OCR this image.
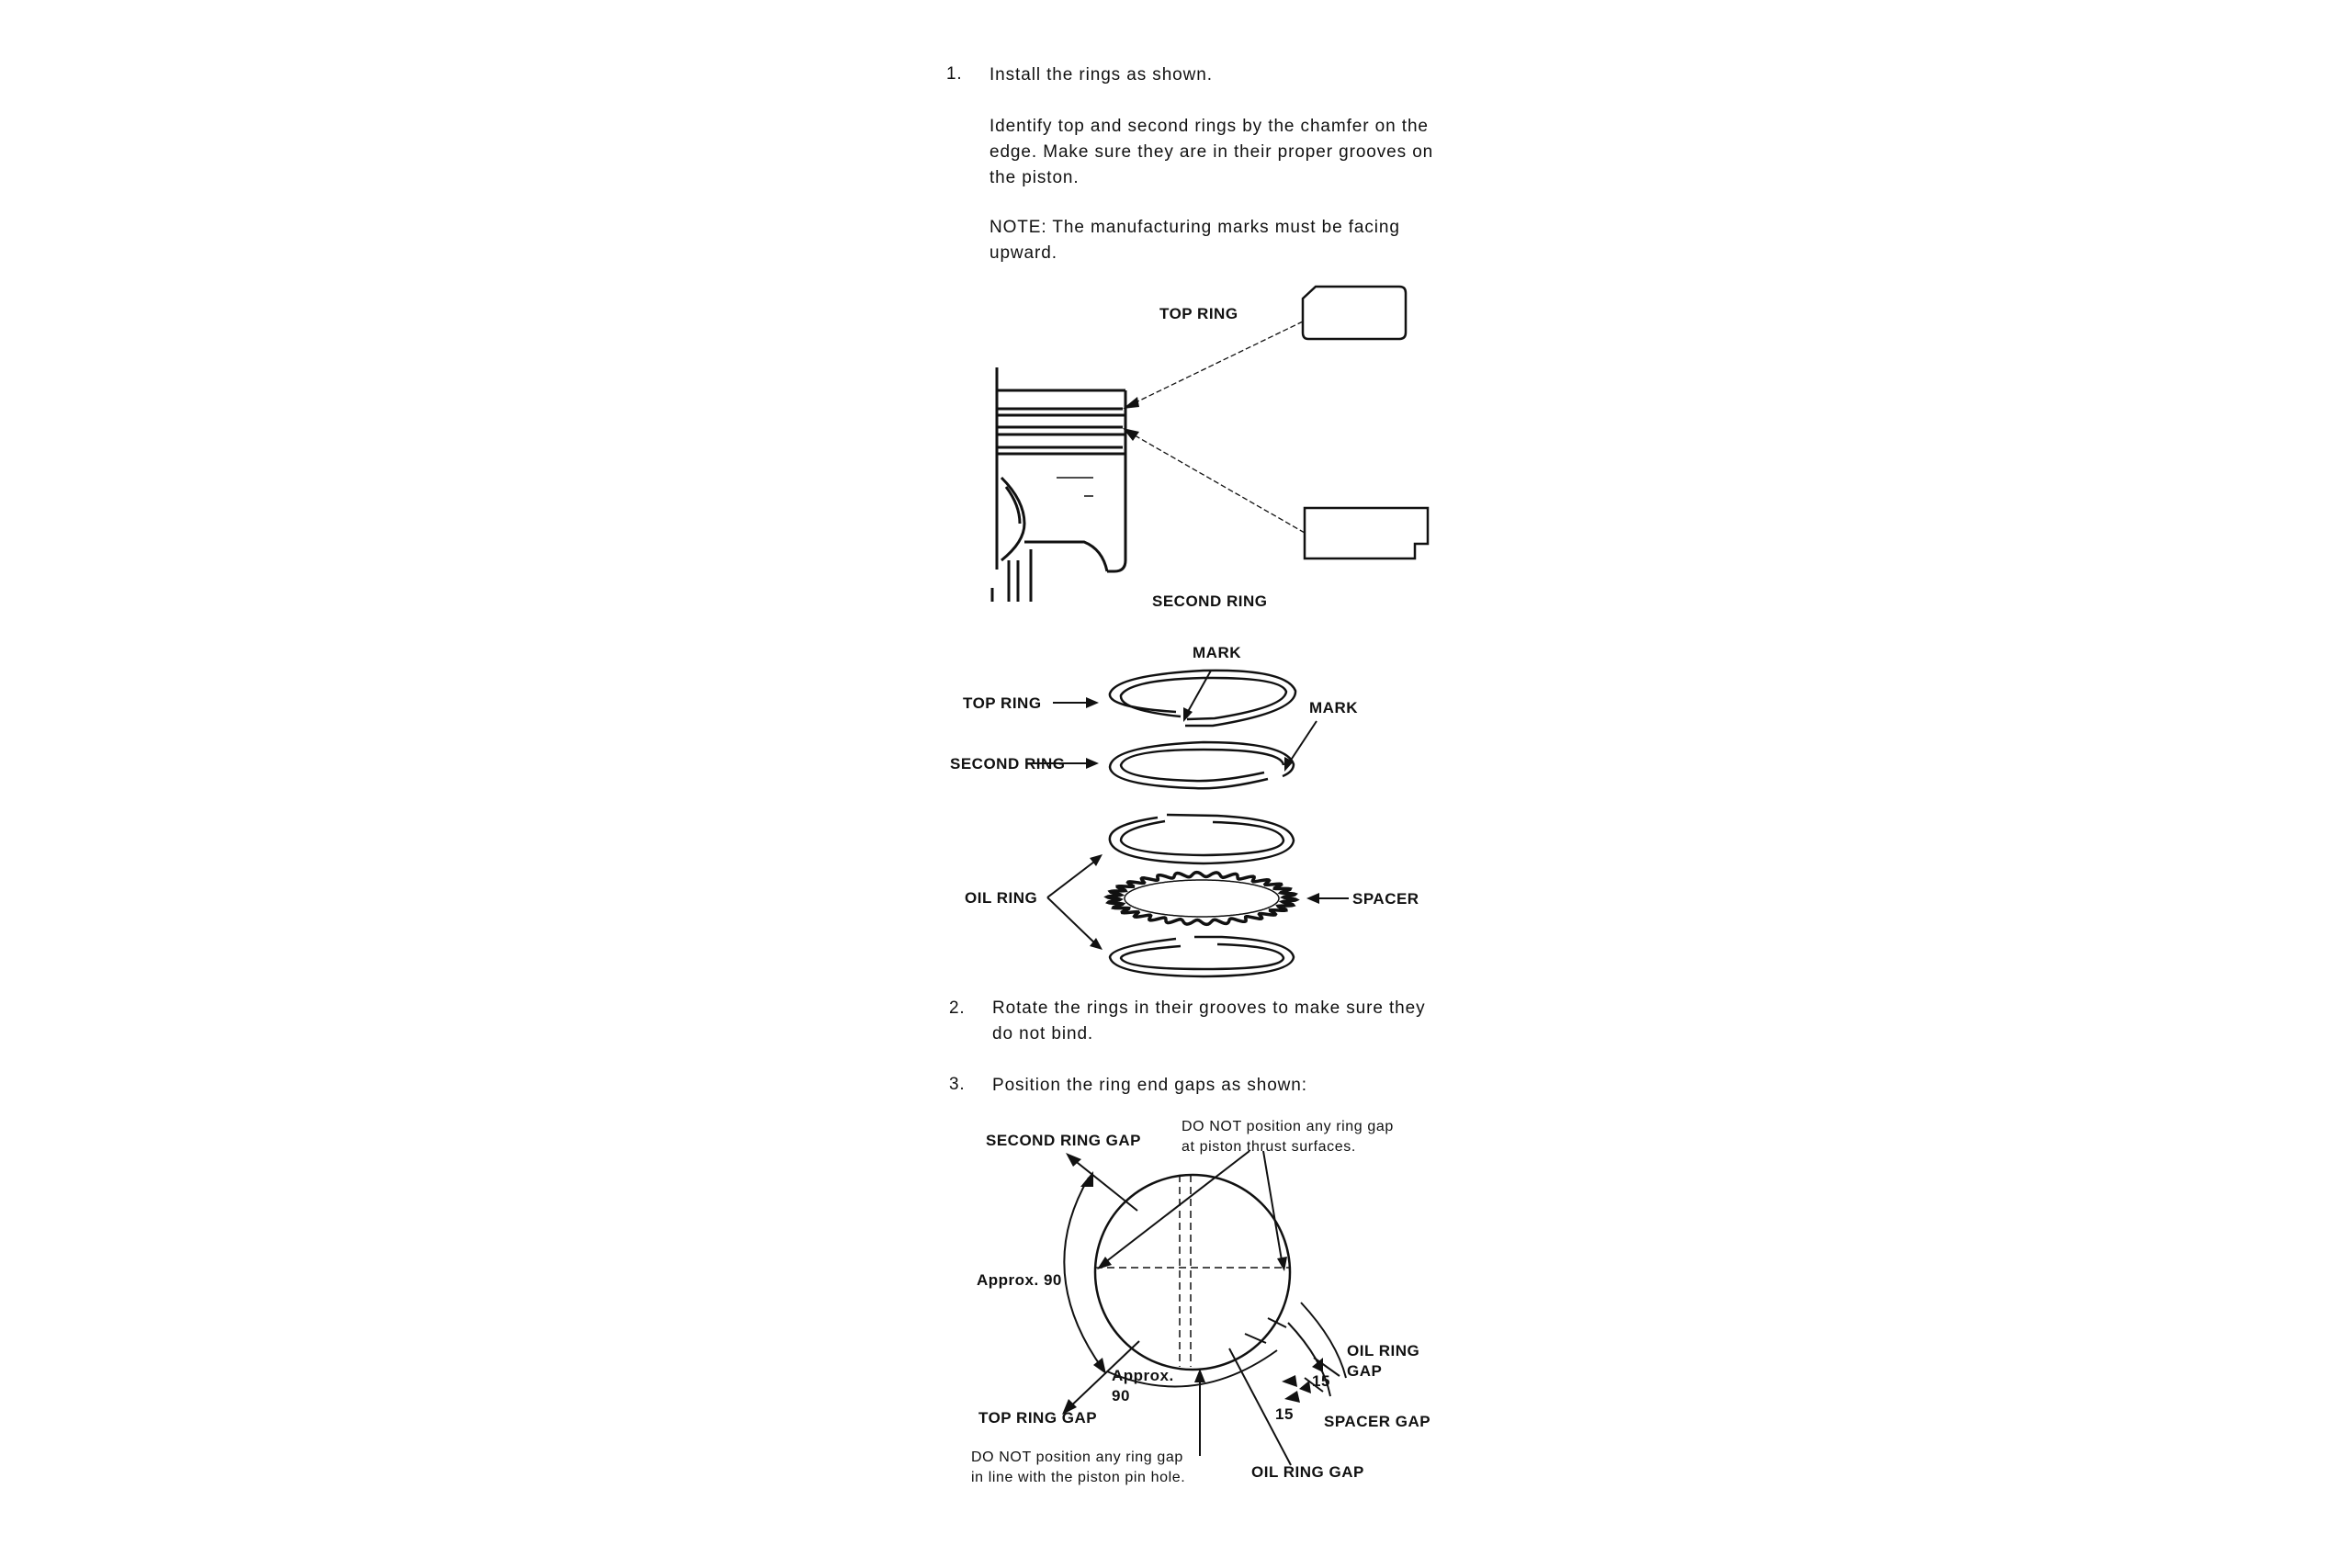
1. Install the rings as shown.
Identify top and second rings by the chamfer on the
edge. Make sure they are in their proper grooves on
the piston.
NOTE: The manufacturing marks must be facing
upward.
2. Rotate the rings in their grooves to make sure they
do not bind.
3. Position the ring end gaps as shown:
TOP RING
SECOND RING
MARK
MARK
TOP RING
SECOND RING
OIL RING	SPACER
SECOND RING GAP
DO NOT position any ring gap
at piston thrust surfaces.
Approx. 90
OIL RING
GAP
15
15
Approx.
90
SPACER GAP
TOP RING GAP
DO NOT position any ring gap
in line with the piston pin hole.	OIL RING GAP
